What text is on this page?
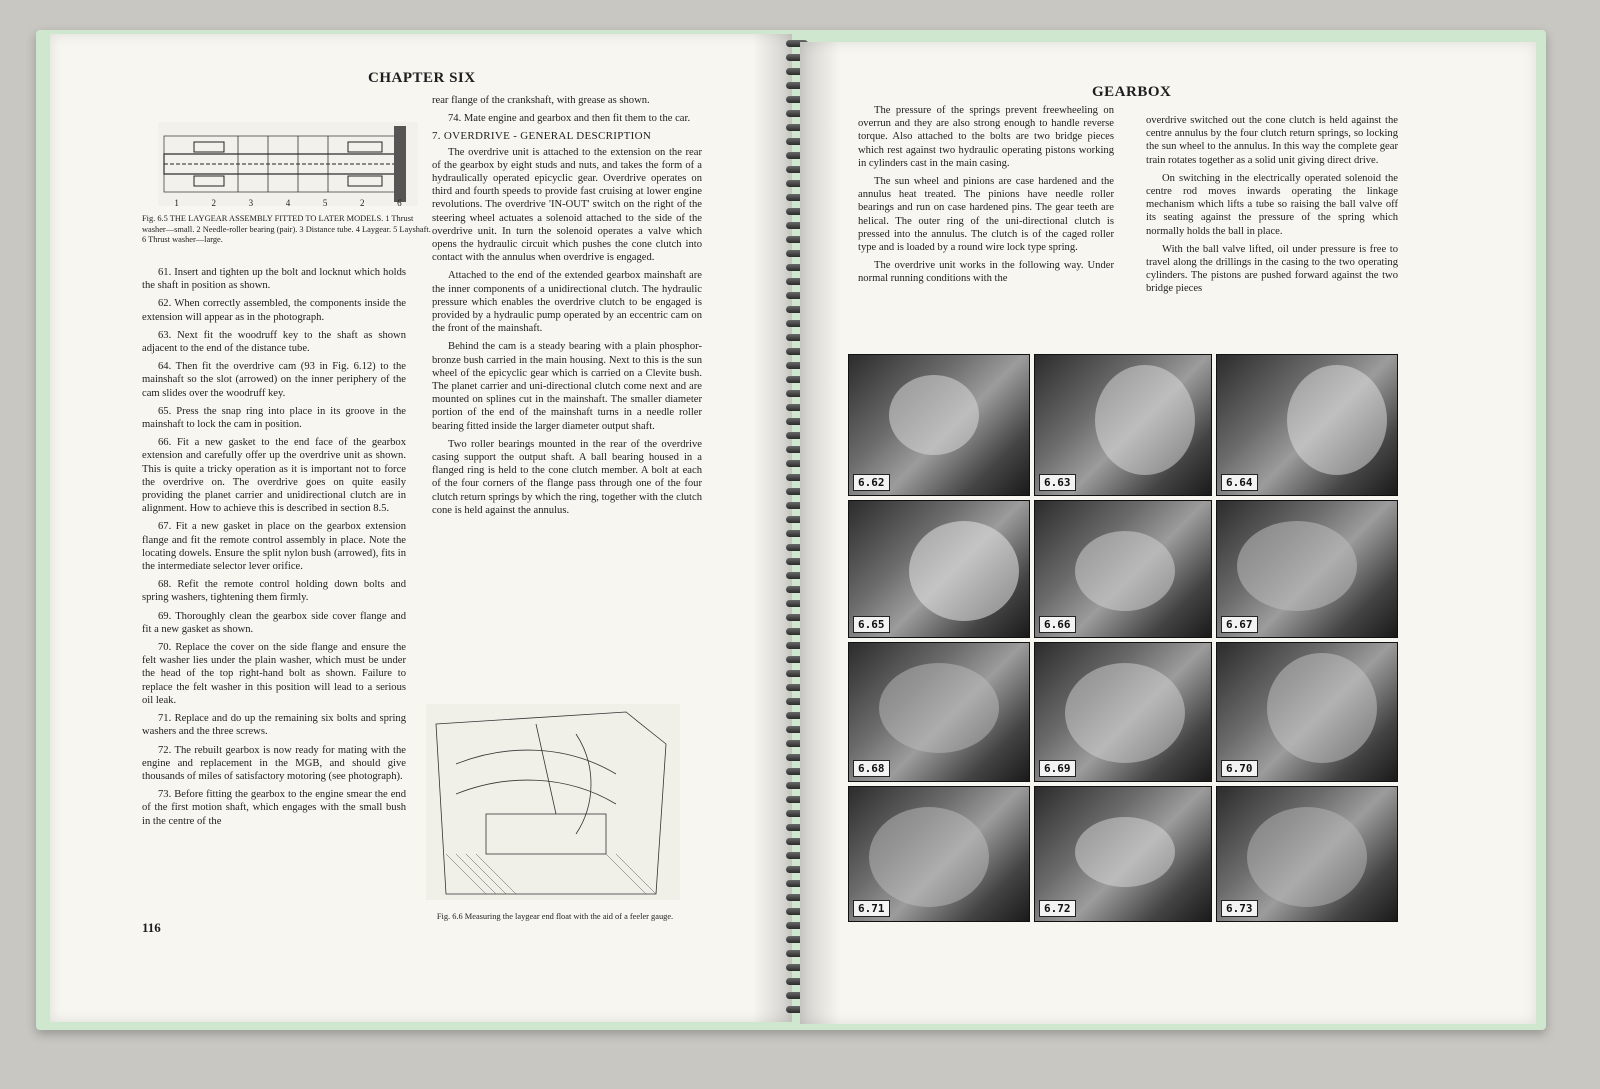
CHAPTER SIX
1	2	3	4	5	2	6
Fig. 6.5 THE LAYGEAR ASSEMBLY FITTED TO LATER MODELS. 1 Thrust washer—small. 2 Needle-roller bearing (pair). 3 Distance tube. 4 Laygear. 5 Layshaft. 6 Thrust washer—large.

61. Insert and tighten up the bolt and locknut which holds the shaft in position as shown.

62. When correctly assembled, the components inside the extension will appear as in the photograph.

63. Next fit the woodruff key to the shaft as shown adjacent to the end of the distance tube.

64. Then fit the overdrive cam (93 in Fig. 6.12) to the mainshaft so the slot (arrowed) on the inner periphery of the cam slides over the woodruff key.

65. Press the snap ring into place in its groove in the mainshaft to lock the cam in position.

66. Fit a new gasket to the end face of the gearbox extension and carefully offer up the overdrive unit as shown. This is quite a tricky operation as it is important not to force the overdrive on. The overdrive goes on quite easily providing the planet carrier and unidirectional clutch are in alignment. How to achieve this is described in section 8.5.

67. Fit a new gasket in place on the gearbox extension flange and fit the remote control assembly in place. Note the locating dowels. Ensure the split nylon bush (arrowed), fits in the intermediate selector lever orifice.

68. Refit the remote control holding down bolts and spring washers, tightening them firmly.

69. Thoroughly clean the gearbox side cover flange and fit a new gasket as shown.

70. Replace the cover on the side flange and ensure the felt washer lies under the plain washer, which must be under the head of the top right-hand bolt as shown. Failure to replace the felt washer in this position will lead to a serious oil leak.

71. Replace and do up the remaining six bolts and spring washers and the three screws.

72. The rebuilt gearbox is now ready for mating with the engine and replacement in the MGB, and should give thousands of miles of satisfactory motoring (see photograph).

73. Before fitting the gearbox to the engine smear the end of the first motion shaft, which engages with the small bush in the centre of the

116

rear flange of the crankshaft, with grease as shown.

74. Mate engine and gearbox and then fit them to the car.

7. OVERDRIVE - GENERAL DESCRIPTION

The overdrive unit is attached to the extension on the rear of the gearbox by eight studs and nuts, and takes the form of a hydraulically operated epicyclic gear. Overdrive operates on third and fourth speeds to provide fast cruising at lower engine revolutions. The overdrive 'IN-OUT' switch on the right of the steering wheel actuates a solenoid attached to the side of the overdrive unit. In turn the solenoid operates a valve which opens the hydraulic circuit which pushes the cone clutch into contact with the annulus when overdrive is engaged.

Attached to the end of the extended gearbox mainshaft are the inner components of a unidirectional clutch. The hydraulic pressure which enables the overdrive clutch to be engaged is provided by a hydraulic pump operated by an eccentric cam on the front of the mainshaft.

Behind the cam is a steady bearing with a plain phosphor-bronze bush carried in the main housing. Next to this is the sun wheel of the epicyclic gear which is carried on a Clevite bush. The planet carrier and uni-directional clutch come next and are mounted on splines cut in the mainshaft. The smaller diameter portion of the end of the mainshaft turns in a needle roller bearing fitted inside the larger diameter output shaft.

Two roller bearings mounted in the rear of the overdrive casing support the output shaft. A ball bearing housed in a flanged ring is held to the cone clutch member. A bolt at each of the four corners of the flange pass through one of the four clutch return springs by which the ring, together with the clutch cone is held against the annulus.

Fig. 6.6 Measuring the laygear end float with the aid of a feeler gauge.
GEARBOX

The pressure of the springs prevent freewheeling on overrun and they are also strong enough to handle reverse torque. Also attached to the bolts are two bridge pieces which rest against two hydraulic operating pistons working in cylinders cast in the main casing.

The sun wheel and pinions are case hardened and the annulus heat treated. The pinions have needle roller bearings and run on case hardened pins. The gear teeth are helical. The outer ring of the uni-directional clutch is pressed into the annulus. The clutch is of the caged roller type and is loaded by a round wire lock type spring.

The overdrive unit works in the following way. Under normal running conditions with the

overdrive switched out the cone clutch is held against the centre annulus by the four clutch return springs, so locking the sun wheel to the annulus. In this way the complete gear train rotates together as a solid unit giving direct drive.

On switching in the electrically operated solenoid the centre rod moves inwards operating the linkage mechanism which lifts a tube so raising the ball valve off its seating against the pressure of the spring which normally holds the ball in place.

With the ball valve lifted, oil under pressure is free to travel along the drillings in the casing to the two operating cylinders. The pistons are pushed forward against the two bridge pieces

6.62	6.63	6.64
6.65	6.66	6.67
6.68	6.69	6.70
6.71	6.72	6.73
